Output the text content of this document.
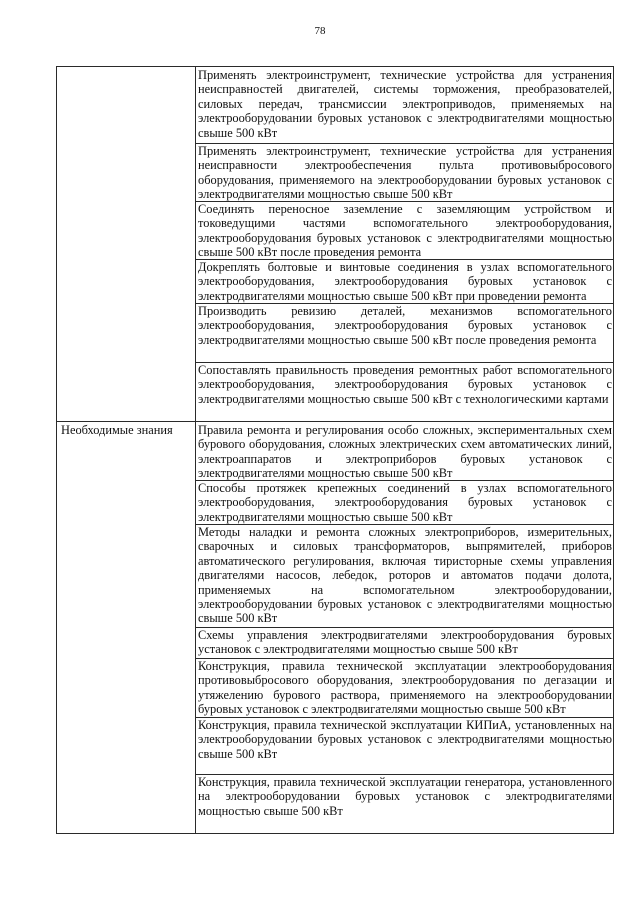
78
Необходимые знания
Применять электроинструмент, технические устройства для устранения неисправностей двигателей, системы торможения, преобразователей, силовых передач, трансмиссии электроприводов, применяемых на электрооборудовании буровых установок с электродвигателями мощностью свыше 500 кВт
Применять электроинструмент, технические устройства для устранения неисправности электрообеспечения пульта противовыбросового оборудования, применяемого на электрооборудовании буровых установок с электродвигателями мощностью свыше 500 кВт
Соединять переносное заземление с заземляющим устройством и токоведущими частями вспомогательного электрооборудования, электрооборудования буровых установок с электродвигателями мощностью свыше 500 кВт после проведения ремонта
Докреплять болтовые и винтовые соединения в узлах вспомогательного электрооборудования, электрооборудования буровых установок с электродвигателями мощностью свыше 500 кВт при проведении ремонта
Производить ревизию деталей, механизмов вспомогательного электрооборудования, электрооборудования буровых установок с электродвигателями мощностью свыше 500 кВт после проведения ремонта
Сопоставлять правильность проведения ремонтных работ вспомогательного электрооборудования, электрооборудования буровых установок с электродвигателями мощностью свыше 500 кВт с технологическими картами
Правила ремонта и регулирования особо сложных, экспериментальных схем бурового оборудования, сложных электрических схем автоматических линий, электроаппаратов и электроприборов буровых установок с электродвигателями мощностью свыше 500 кВт
Способы протяжек крепежных соединений в узлах вспомогательного электрооборудования, электрооборудования буровых установок с электродвигателями мощностью свыше 500 кВт
Методы наладки и ремонта сложных электроприборов, измерительных, сварочных и силовых трансформаторов, выпрямителей, приборов автоматического регулирования, включая тиристорные схемы управления двигателями насосов, лебедок, роторов и автоматов подачи долота, применяемых на вспомогательном электрооборудовании, электрооборудовании буровых установок с электродвигателями мощностью свыше 500 кВт
Схемы управления электродвигателями электрооборудования буровых установок с электродвигателями мощностью свыше 500 кВт
Конструкция, правила технической эксплуатации электрооборудования противовыбросового оборудования, электрооборудования по дегазации и утяжелению бурового раствора, применяемого на электрооборудовании буровых установок с электродвигателями мощностью свыше 500 кВт
Конструкция, правила технической эксплуатации КИПиА, установленных на электрооборудовании буровых установок с электродвигателями мощностью свыше 500 кВт
Конструкция, правила технической эксплуатации генератора, установленного на электрооборудовании буровых установок с электродвигателями мощностью свыше 500 кВт
